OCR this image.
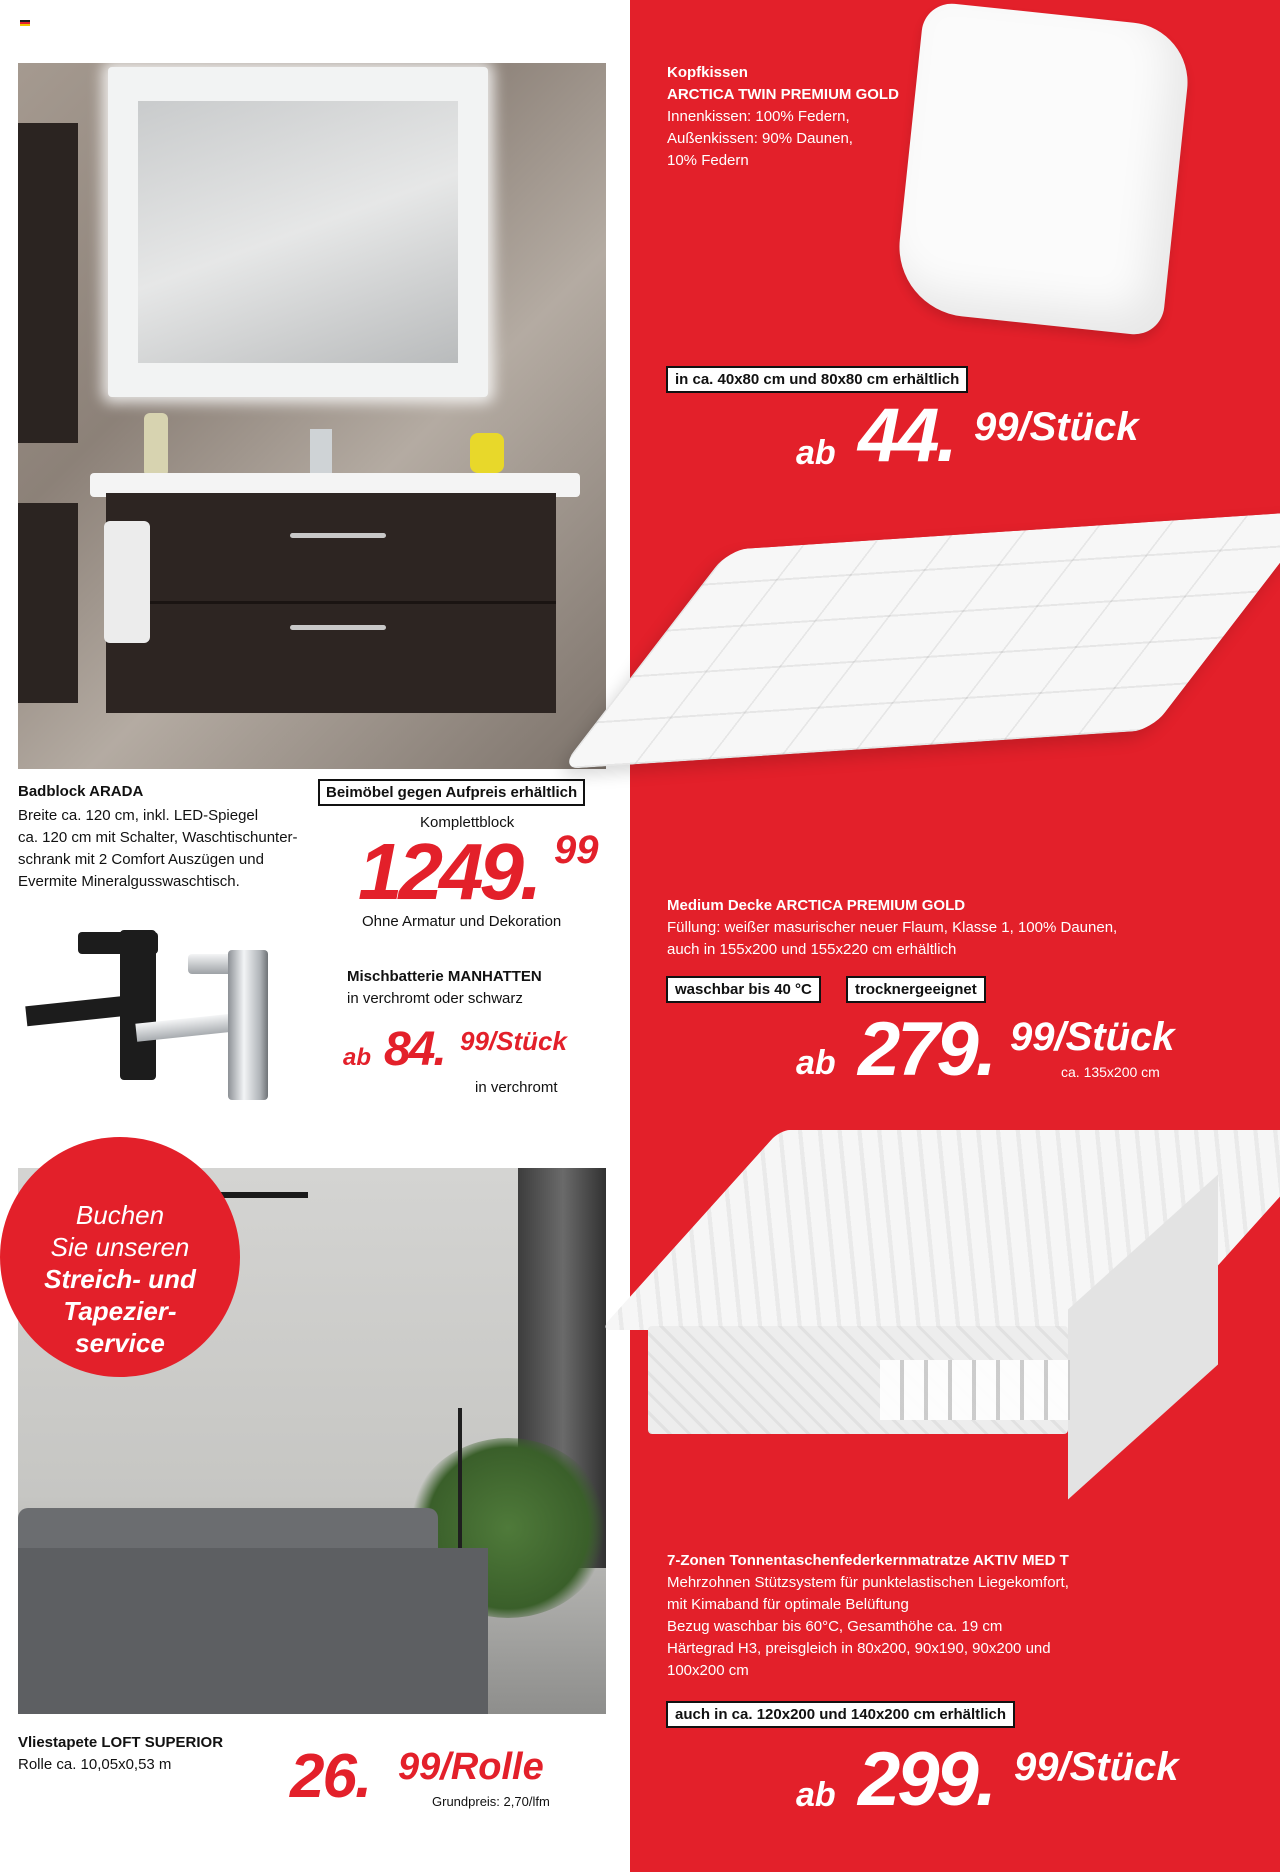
Badblock ARADA
Breite ca. 120 cm, inkl. LED-Spiegel
ca. 120 cm mit Schalter, Waschtischunter-
schrank mit 2 Comfort Auszügen und
Evermite Mineralgusswaschtisch.
Beimöbel gegen Aufpreis erhältlich
Komplettblock
1249. 99
Ohne Armatur und Dekoration
Mischbatterie MANHATTEN
in verchromt oder schwarz
ab 84. 99/Stück
in verchromt
Buchen
Sie unseren
Streich- und
Tapezier-
service
Vliestapete LOFT SUPERIOR
Rolle ca. 10,05x0,53 m 26. 99/Rolle
Grundpreis: 2,70/lfm
Kopfkissen
ARCTICA TWIN PREMIUM GOLD
Innenkissen: 100% Federn,
Außenkissen: 90% Daunen,
10% Federn
in ca. 40x80 cm und 80x80 cm erhältlich
ab 44. 99/Stück
Medium Decke ARCTICA PREMIUM GOLD
Füllung: weißer masurischer neuer Flaum, Klasse 1, 100% Daunen,
auch in 155x200 und 155x220 cm erhältlich
waschbar bis 40 °C	trocknergeeignet
ab 279. 99/Stück
ca. 135x200 cm
7-Zonen Tonnentaschenfederkernmatratze AKTIV MED T
Mehrzohnen Stützsystem für punktelastischen Liegekomfort,
mit Kimaband für optimale Belüftung
Bezug waschbar bis 60°C, Gesamthöhe ca. 19 cm
Härtegrad H3, preisgleich in 80x200, 90x190, 90x200 und
100x200 cm
auch in ca. 120x200 und 140x200 cm erhältlich
ab 299. 99/Stück
